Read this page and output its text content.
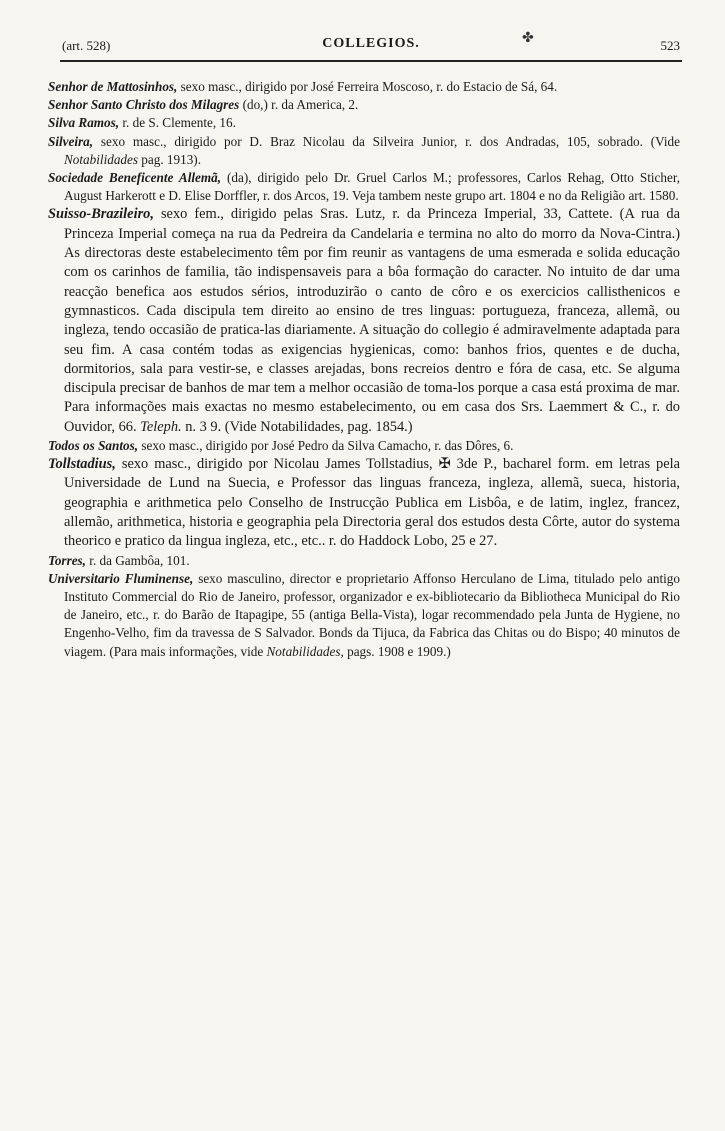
(art. 528)	COLLEGIOS.	523
✤

Senhor de Mattosinhos, sexo masc., dirigido por José Ferreira Moscoso, r. do Estacio de Sá, 64.

Senhor Santo Christo dos Milagres (do,) r. da America, 2.

Silva Ramos, r. de S. Clemente, 16.

Silveira, sexo masc., dirigido por D. Braz Nicolau da Silveira Junior, r. dos Andradas, 105, sobrado. (Vide Notabilidades pag. 1913).

Sociedade Beneficente Allemã, (da), dirigido pelo Dr. Gruel Carlos M.; professores, Carlos Rehag, Otto Sticher, August Harkerott e D. Elise Dorffler, r. dos Arcos, 19. Veja tambem neste grupo art. 1804 e no da Religião art. 1580.

Suisso-Brazileiro, sexo fem., dirigido pelas Sras. Lutz, r. da Princeza Imperial, 33, Cattete. (A rua da Princeza Imperial começa na rua da Pedreira da Candelaria e termina no alto do morro da Nova-Cintra.) As directoras deste estabelecimento têm por fim reunir as vantagens de uma esmerada e solida educação com os carinhos de familia, tão indispensaveis para a bôa formação do caracter. No intuito de dar uma reacção benefica aos estudos sérios, introduzirão o canto de côro e os exercicios callisthenicos e gymnasticos. Cada discipula tem direito ao ensino de tres linguas: portugueza, franceza, allemã, ou ingleza, tendo occasião de pratica-las diariamente. A situação do collegio é admiravelmente adaptada para seu fim. A casa contém todas as exigencias hygienicas, como: banhos frios, quentes e de ducha, dormitorios, sala para vestir-se, e classes arejadas, bons recreios dentro e fóra de casa, etc. Se alguma discipula precisar de banhos de mar tem a melhor occasião de toma-los porque a casa está proxima de mar. Para informações mais exactas no mesmo estabelecimento, ou em casa dos Srs. Laemmert & C., r. do Ouvidor, 66. Teleph. n. 3 9. (Vide Notabilidades, pag. 1854.)

Todos os Santos, sexo masc., dirigido por José Pedro da Silva Camacho, r. das Dôres, 6.

Tollstadius, sexo masc., dirigido por Nicolau James Tollstadius, ✠ 3de P., bacharel form. em letras pela Universidade de Lund na Suecia, e Professor das linguas franceza, ingleza, allemã, sueca, historia, geographia e arithmetica pelo Conselho de Instrucção Publica em Lisbôa, e de latim, inglez, francez, allemão, arithmetica, historia e geographia pela Directoria geral dos estudos desta Côrte, autor do systema theorico e pratico da lingua ingleza, etc., etc.. r. do Haddock Lobo, 25 e 27.

Torres, r. da Gambôa, 101.

Universitario Fluminense, sexo masculino, director e proprietario Affonso Herculano de Lima, titulado pelo antigo Instituto Commercial do Rio de Janeiro, professor, organizador e ex-bibliotecario da Bibliotheca Municipal do Rio de Janeiro, etc., r. do Barão de Itapagipe, 55 (antiga Bella-Vista), logar recommendado pela Junta de Hygiene, no Engenho-Velho, fim da travessa de S Salvador. Bonds da Tijuca, da Fabrica das Chitas ou do Bispo; 40 minutos de viagem. (Para mais informações, vide Notabilidades, pags. 1908 e 1909.)
